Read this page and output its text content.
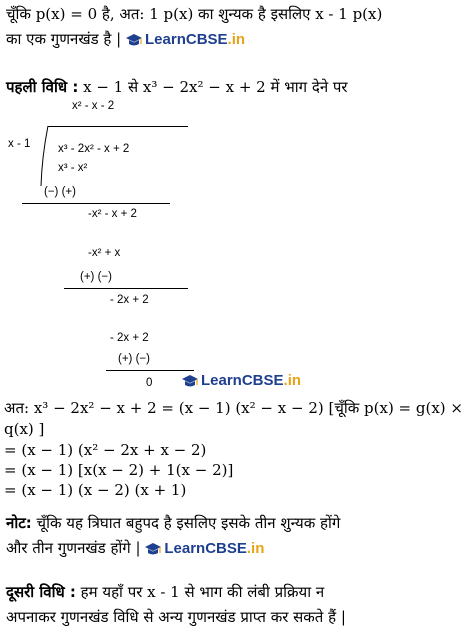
चूँकि p(x) = 0 है, अत: 1 p(x) का शुन्यक है इसलिए x - 1 p(x)
का एक गुणनखंड है | LearnCBSE .in
पहली विधि : x − 1 से x³ − 2x² − x + 2 में भाग देने पर
x² - x - 2
x - 1 x³ - 2x² - x + 2
x³ - x²
(−) (+)
-x² - x + 2
-x² + x
(+) (−)
- 2x + 2
- 2x + 2
(+) (−)
0	LearnCBSE .in
अत: x³ − 2x² − x + 2 = (x − 1) (x² − x − 2) [चूँकि p(x) = g(x) ×
q(x) ]
= (x − 1) (x² − 2x + x − 2)
= (x − 1) [x(x − 2) + 1(x − 2)]
= (x − 1) (x − 2) (x + 1)
नोट: चूँकि यह त्रिघात बहुपद है इसलिए इसके तीन शुन्यक होंगे
और तीन गुणनखंड होंगे | LearnCBSE .in
दूसरी विधि : हम यहाँ पर x - 1 से भाग की लंबी प्रक्रिया न
अपनाकर गुणनखंड विधि से अन्य गुणनखंड प्राप्त कर सकते हैं |
